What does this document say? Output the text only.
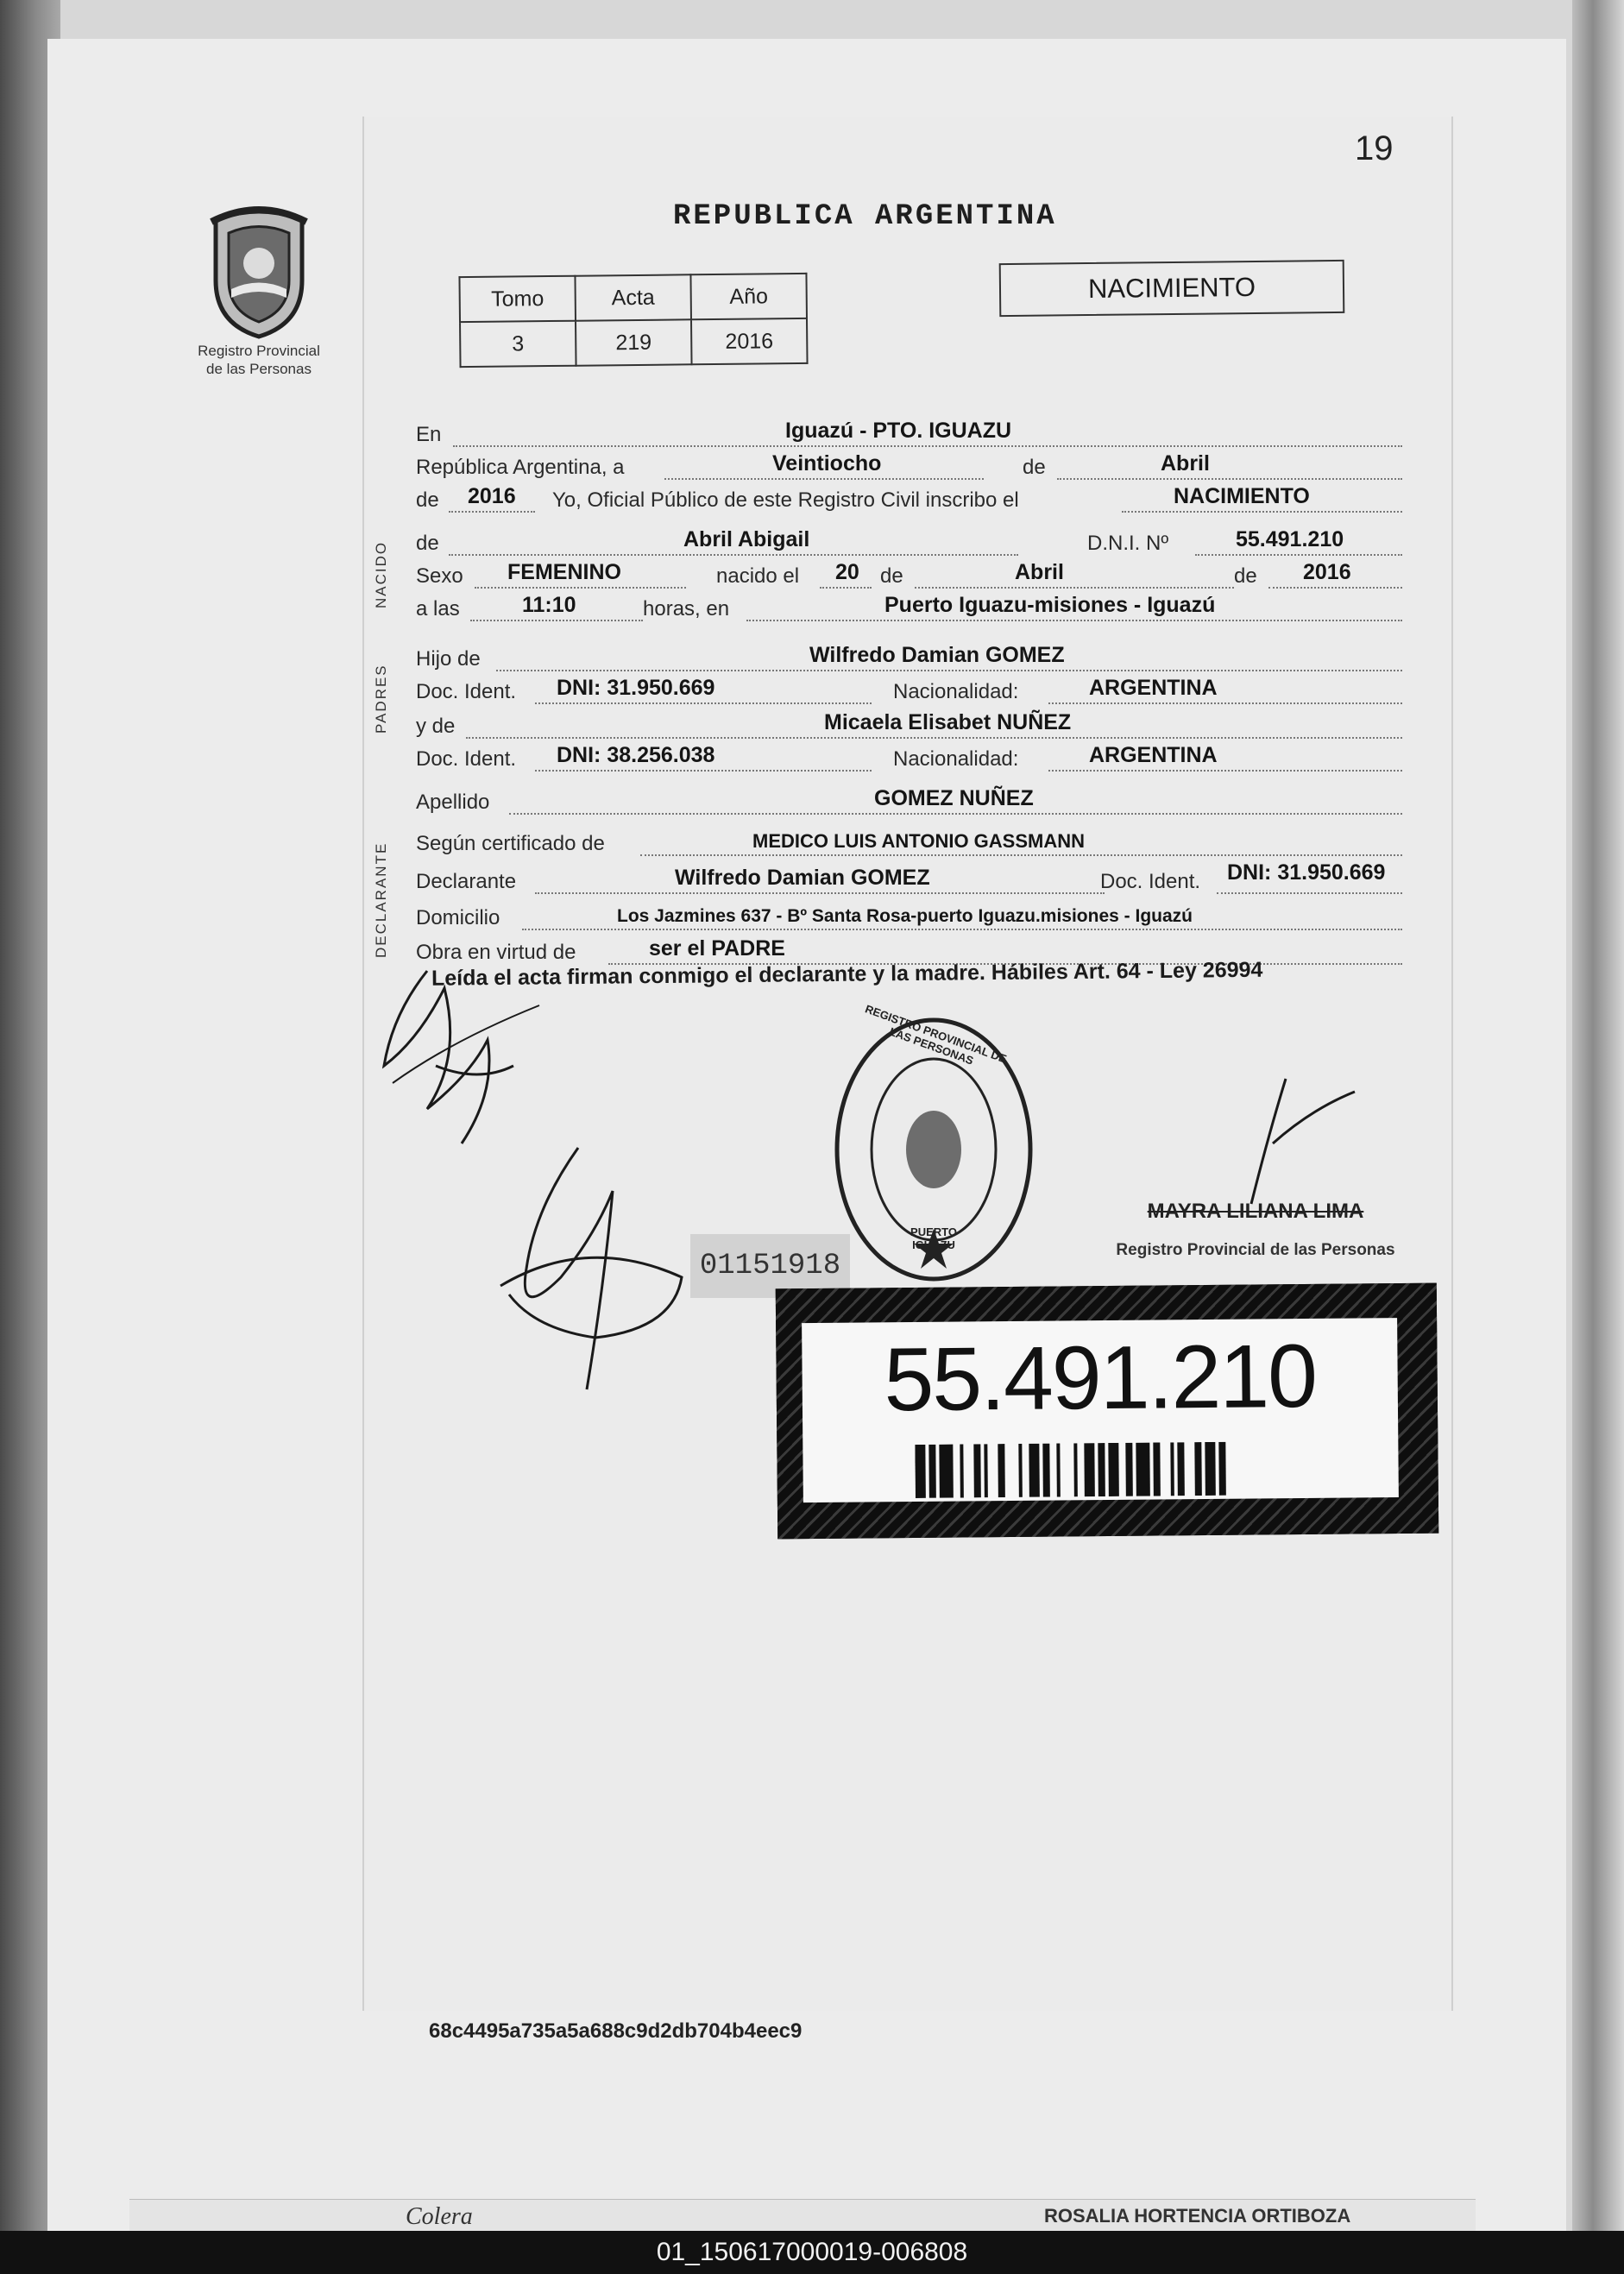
19
Registro Provincial
de las Personas
REPUBLICA ARGENTINA
Tomo	Acta	Año
3	219	2016
NACIMIENTO
NACIDO
PADRES
DECLARANTE
En	Iguazú - PTO. IGUAZU
República Argentina, a	Veintiocho	de	Abril
de 2016 Yo, Oficial Público de este Registro Civil inscribo el	NACIMIENTO
de	Abril Abigail	D.N.I. Nº	55.491.210
Sexo FEMENINO	nacido el 20 de	Abril	de 2016
a las	11:10	horas, en	Puerto Iguazu-misiones - Iguazú
Hijo de	Wilfredo Damian GOMEZ
Doc. Ident. DNI: 31.950.669	Nacionalidad:	ARGENTINA
y de	Micaela Elisabet NUÑEZ
Doc. Ident. DNI: 38.256.038	Nacionalidad:	ARGENTINA
Apellido	GOMEZ NUÑEZ
Según certificado de	MEDICO LUIS ANTONIO GASSMANN
Declarante	Wilfredo Damian GOMEZ	Doc. Ident. DNI: 31.950.669
Domicilio	Los Jazmines 637 - Bº Santa Rosa-puerto Iguazu.misiones - Iguazú
Obra en virtud de	ser el PADRE
Leída el acta firman conmigo el declarante y la madre. Hábiles Art. 64 - Ley 26994
01151918
REGISTRO PROVINCIAL DE LAS PERSONAS
PUERTO IGUAZU
MAYRA LILIANA LIMA
Registro Provincial de las Personas
55.491.210
68c4495a735a5a688c9d2db704b4eec9
Colera	ROSALIA HORTENCIA ORTIBOZA
01_150617000019-006808
